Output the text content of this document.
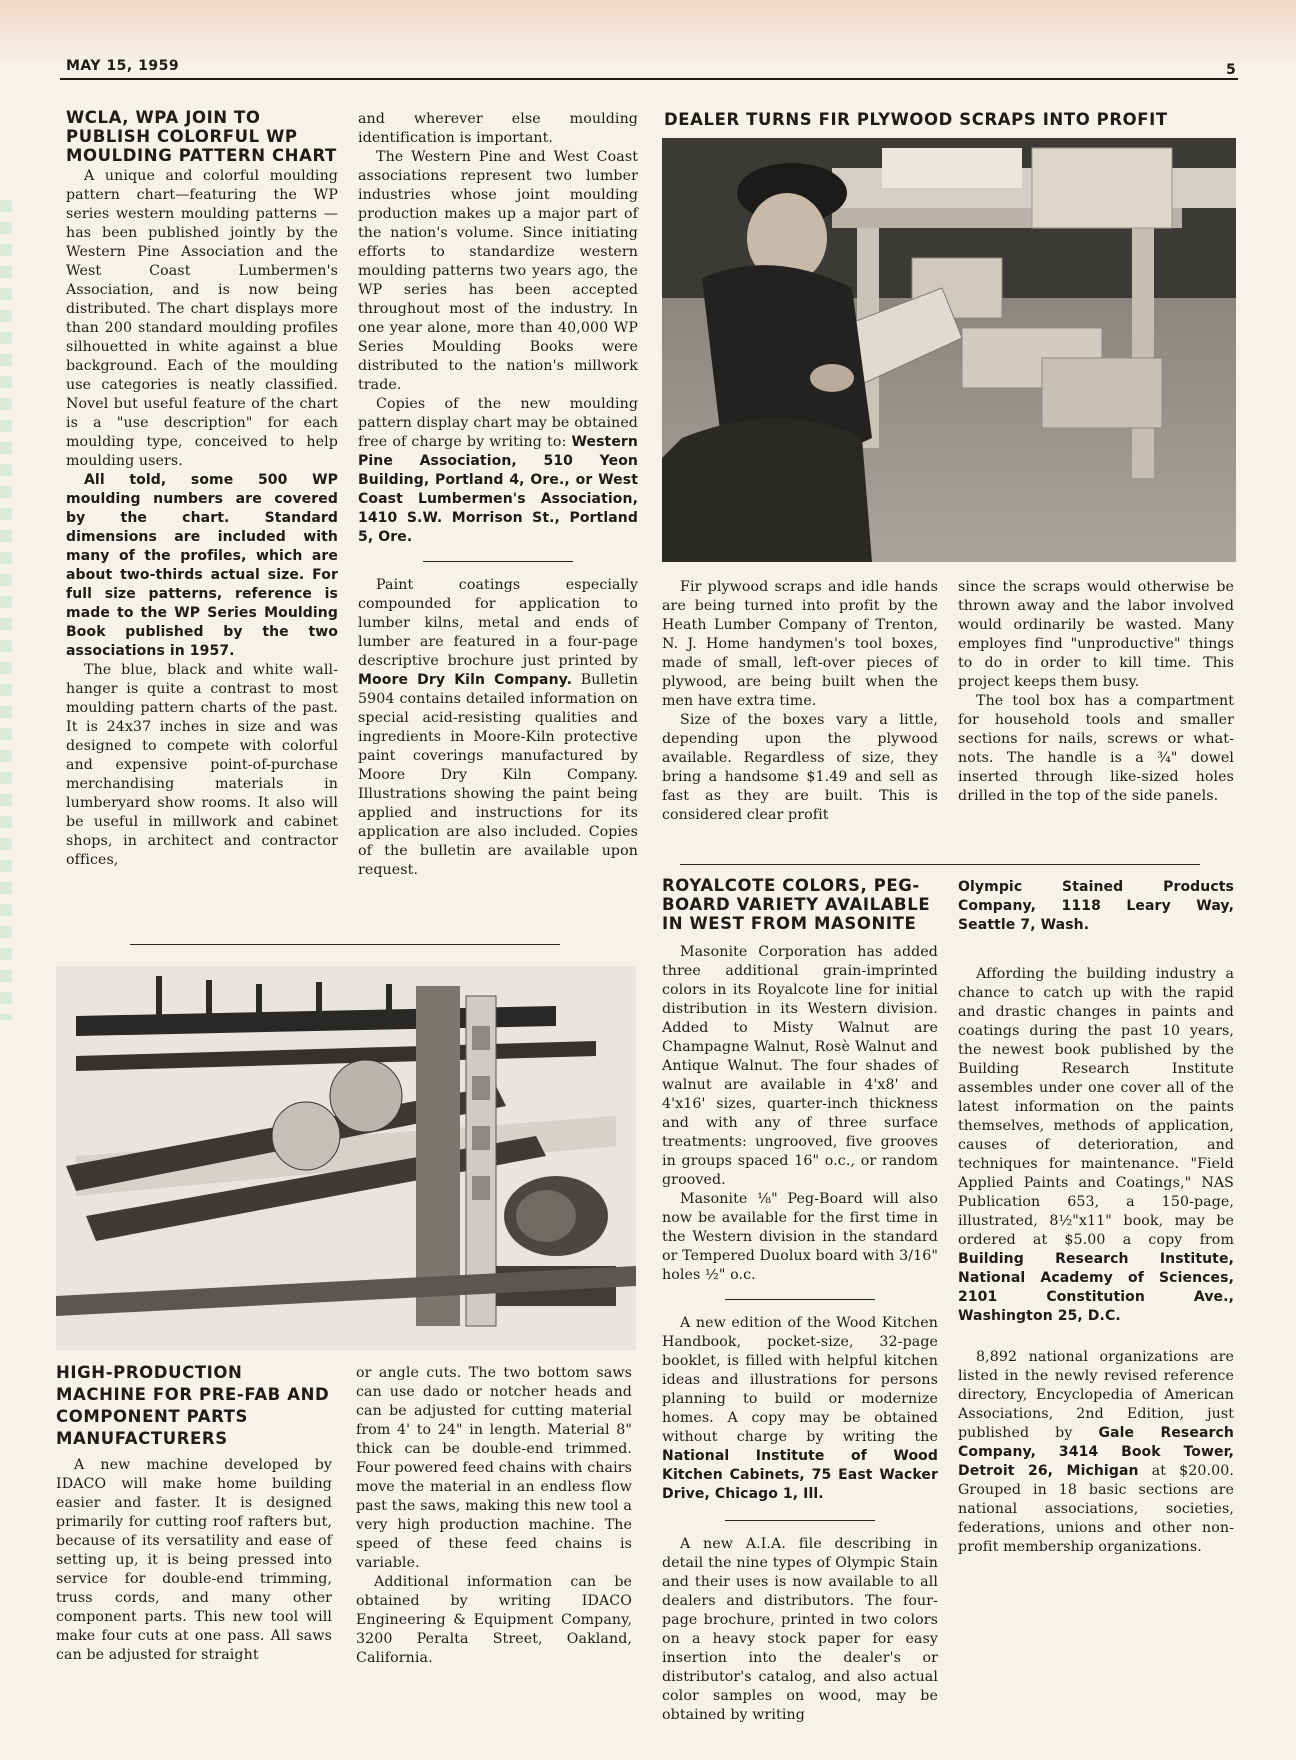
MAY 15, 1959	5
WCLA, WPA JOIN TO PUBLISH COLORFUL WP MOULDING PATTERN CHART
A unique and colorful moulding pattern chart—featuring the WP series western moulding patterns — has been published jointly by the Western Pine Association and the West Coast Lumbermen's Association, and is now being distributed. The chart displays more than 200 standard moulding profiles silhouetted in white against a blue background. Each of the moulding use categories is neatly classified. Novel but useful feature of the chart is a "use description" for each moulding type, conceived to help moulding users.
All told, some 500 WP moulding numbers are covered by the chart. Standard dimensions are included with many of the profiles, which are about two-thirds actual size. For full size patterns, reference is made to the WP Series Moulding Book published by the two associations in 1957.
The blue, black and white wall-hanger is quite a contrast to most moulding pattern charts of the past. It is 24x37 inches in size and was designed to compete with colorful and expensive point-of-purchase merchandising materials in lumberyard show rooms. It also will be useful in millwork and cabinet shops, in architect and contractor offices,
and wherever else moulding identification is important.
The Western Pine and West Coast associations represent two lumber industries whose joint moulding production makes up a major part of the nation's volume. Since initiating efforts to standardize western moulding patterns two years ago, the WP series has been accepted throughout most of the industry. In one year alone, more than 40,000 WP Series Moulding Books were distributed to the nation's millwork trade.
Copies of the new moulding pattern display chart may be obtained free of charge by writing to: Western Pine Association, 510 Yeon Building, Portland 4, Ore., or West Coast Lumbermen's Association, 1410 S.W. Morrison St., Portland 5, Ore.
Paint coatings especially compounded for application to lumber kilns, metal and ends of lumber are featured in a four-page descriptive brochure just printed by Moore Dry Kiln Company. Bulletin 5904 contains detailed information on special acid-resisting qualities and ingredients in Moore-Kiln protective paint coverings manufactured by Moore Dry Kiln Company. Illustrations showing the paint being applied and instructions for its application are also included. Copies of the bulletin are available upon request.
DEALER TURNS FIR PLYWOOD SCRAPS INTO PROFIT
Fir plywood scraps and idle hands are being turned into profit by the Heath Lumber Company of Trenton, N. J. Home handymen's tool boxes, made of small, left-over pieces of plywood, are being built when the men have extra time.
Size of the boxes vary a little, depending upon the plywood available. Regardless of size, they bring a handsome $1.49 and sell as fast as they are built. This is considered clear profit
since the scraps would otherwise be thrown away and the labor involved would ordinarily be wasted. Many employes find "unproductive" things to do in order to kill time. This project keeps them busy.
The tool box has a compartment for household tools and smaller sections for nails, screws or what-nots. The handle is a ¾" dowel inserted through like-sized holes drilled in the top of the side panels.
ROYALCOTE COLORS, PEG-BOARD VARIETY AVAILABLE IN WEST FROM MASONITE
Masonite Corporation has added three additional grain-imprinted colors in its Royalcote line for initial distribution in its Western division. Added to Misty Walnut are Champagne Walnut, Rosè Walnut and Antique Walnut. The four shades of walnut are available in 4'x8' and 4'x16' sizes, quarter-inch thickness and with any of three surface treatments: ungrooved, five grooves in groups spaced 16" o.c., or random grooved.
Masonite ⅛" Peg-Board will also now be available for the first time in the Western division in the standard or Tempered Duolux board with 3/16" holes ½" o.c.
A new edition of the Wood Kitchen Handbook, pocket-size, 32-page booklet, is filled with helpful kitchen ideas and illustrations for persons planning to build or modernize homes. A copy may be obtained without charge by writing the National Institute of Wood Kitchen Cabinets, 75 East Wacker Drive, Chicago 1, Ill.
A new A.I.A. file describing in detail the nine types of Olympic Stain and their uses is now available to all dealers and distributors. The four-page brochure, printed in two colors on a heavy stock paper for easy insertion into the dealer's or distributor's catalog, and also actual color samples on wood, may be obtained by writing
Olympic Stained Products Company, 1118 Leary Way, Seattle 7, Wash.
Affording the building industry a chance to catch up with the rapid and drastic changes in paints and coatings during the past 10 years, the newest book published by the Building Research Institute assembles under one cover all of the latest information on the paints themselves, methods of application, causes of deterioration, and techniques for maintenance. "Field Applied Paints and Coatings," NAS Publication 653, a 150-page, illustrated, 8½"x11" book, may be ordered at $5.00 a copy from Building Research Institute, National Academy of Sciences, 2101 Constitution Ave., Washington 25, D.C.
8,892 national organizations are listed in the newly revised reference directory, Encyclopedia of American Associations, 2nd Edition, just published by Gale Research Company, 3414 Book Tower, Detroit 26, Michigan at $20.00. Grouped in 18 basic sections are national associations, societies, federations, unions and other non-profit membership organizations.
HIGH-PRODUCTION MACHINE FOR PRE-FAB AND COMPONENT PARTS MANUFACTURERS
A new machine developed by IDACO will make home building easier and faster. It is designed primarily for cutting roof rafters but, because of its versatility and ease of setting up, it is being pressed into service for double-end trimming, truss cords, and many other component parts. This new tool will make four cuts at one pass. All saws can be adjusted for straight
or angle cuts. The two bottom saws can use dado or notcher heads and can be adjusted for cutting material from 4' to 24" in length. Material 8" thick can be double-end trimmed. Four powered feed chains with chairs move the material in an endless flow past the saws, making this new tool a very high production machine. The speed of these feed chains is variable.
Additional information can be obtained by writing IDACO Engineering & Equipment Company, 3200 Peralta Street, Oakland, California.
